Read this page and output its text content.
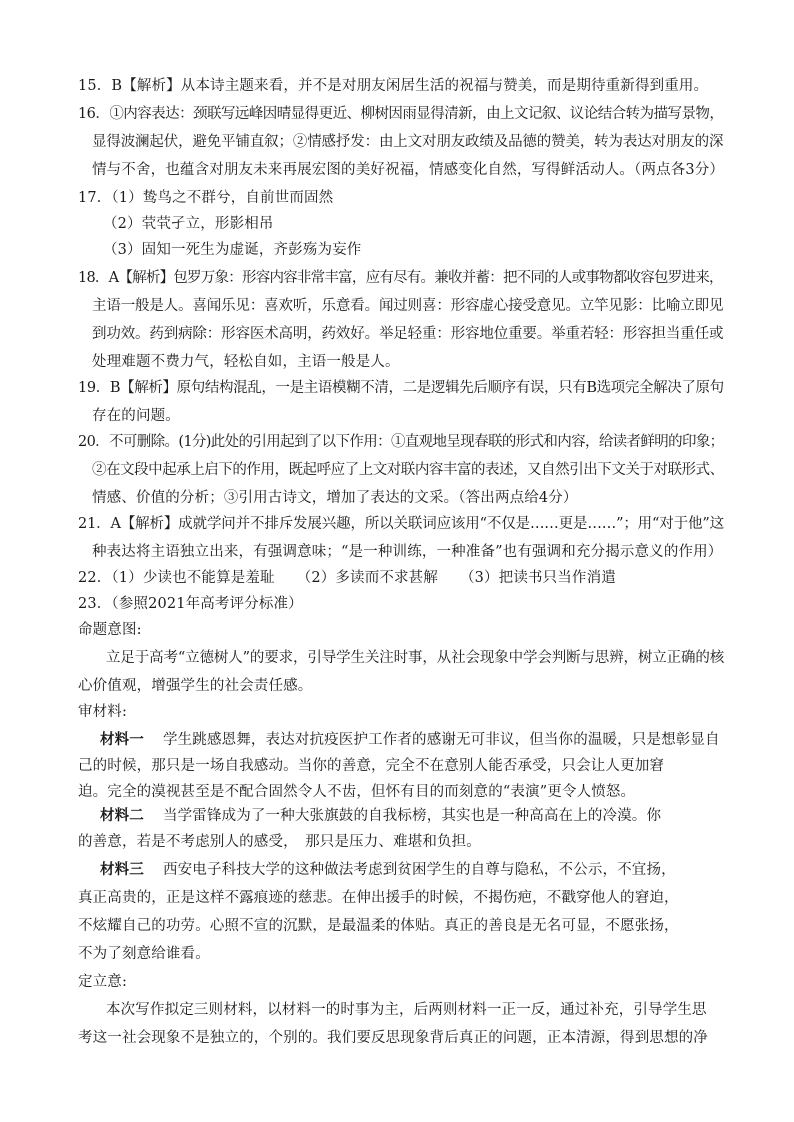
15．B【解析】从本诗主题来看，并不是对朋友闲居生活的祝福与赞美，而是期待重新得到重用。
16．①内容表达：颈联写远峰因晴显得更近、柳树因雨显得清新，由上文记叙、议论结合转为描写景物，
显得波澜起伏，避免平铺直叙；②情感抒发：由上文对朋友政绩及品德的赞美，转为表达对朋友的深
情与不舍，也蕴含对朋友未来再展宏图的美好祝福，情感变化自然，写得鲜活动人。（两点各3分）
17．（1）鸷鸟之不群兮，自前世而固然
（2）茕茕孑立，形影相吊
（3）固知一死生为虚诞，齐彭殇为妄作
18．A【解析】包罗万象：形容内容非常丰富，应有尽有。兼收并蓄：把不同的人或事物都收容包罗进来，
主语一般是人。喜闻乐见：喜欢听，乐意看。闻过则喜：形容虚心接受意见。立竿见影：比喻立即见
到功效。药到病除：形容医术高明，药效好。举足轻重：形容地位重要。举重若轻：形容担当重任或
处理难题不费力气，轻松自如，主语一般是人。
19．B【解析】原句结构混乱，一是主语模糊不清，二是逻辑先后顺序有误，只有B选项完全解决了原句
存在的问题。
20．不可删除。(1分)此处的引用起到了以下作用：①直观地呈现春联的形式和内容，给读者鲜明的印象；
②在文段中起承上启下的作用，既起呼应了上文对联内容丰富的表述，又自然引出下文关于对联形式、
情感、价值的分析；③引用古诗文，增加了表达的文采。（答出两点给4分）
21．A【解析】成就学问并不排斥发展兴趣，所以关联词应该用“不仅是……更是……”；用“对于他”这
种表达将主语独立出来，有强调意味；“是一种训练，一种准备”也有强调和充分揭示意义的作用）
22．（1）少读也不能算是羞耻　　（2）多读而不求甚解　　（3）把读书只当作消遣
23．（参照2021年高考评分标准）
命题意图:
立足于高考“立德树人”的要求，引导学生关注时事，从社会现象中学会判断与思辨，树立正确的核
心价值观，增强学生的社会责任感。
审材料:
材料一 学生跳感恩舞，表达对抗疫医护工作者的感谢无可非议，但当你的温暖，只是想彰显自
己的时候，那只是一场自我感动。当你的善意，完全不在意别人能否承受，只会让人更加窘
迫。完全的漠视甚至是不配合固然令人不齿，但怀有目的而刻意的“表演”更令人愤怒。
材料二 当学雷锋成为了一种大张旗鼓的自我标榜，其实也是一种高高在上的冷漠。你
的善意，若是不考虑别人的感受，　那只是压力、难堪和负担。
材料三 西安电子科技大学的这种做法考虑到贫困学生的自尊与隐私，不公示，不宜扬，
真正高贵的，正是这样不露痕迹的慈悲。在伸出援手的时候，不揭伤疤，不戳穿他人的窘迫，
不炫耀自己的功劳。心照不宣的沉默，是最温柔的体贴。真正的善良是无名可显，不愿张扬，
不为了刻意给谁看。
定立意:
本次写作拟定三则材料，以材料一的时事为主，后两则材料一正一反，通过补充，引导学生思
考这一社会现象不是独立的，个别的。我们要反思现象背后真正的问题，正本清源，得到思想的净
